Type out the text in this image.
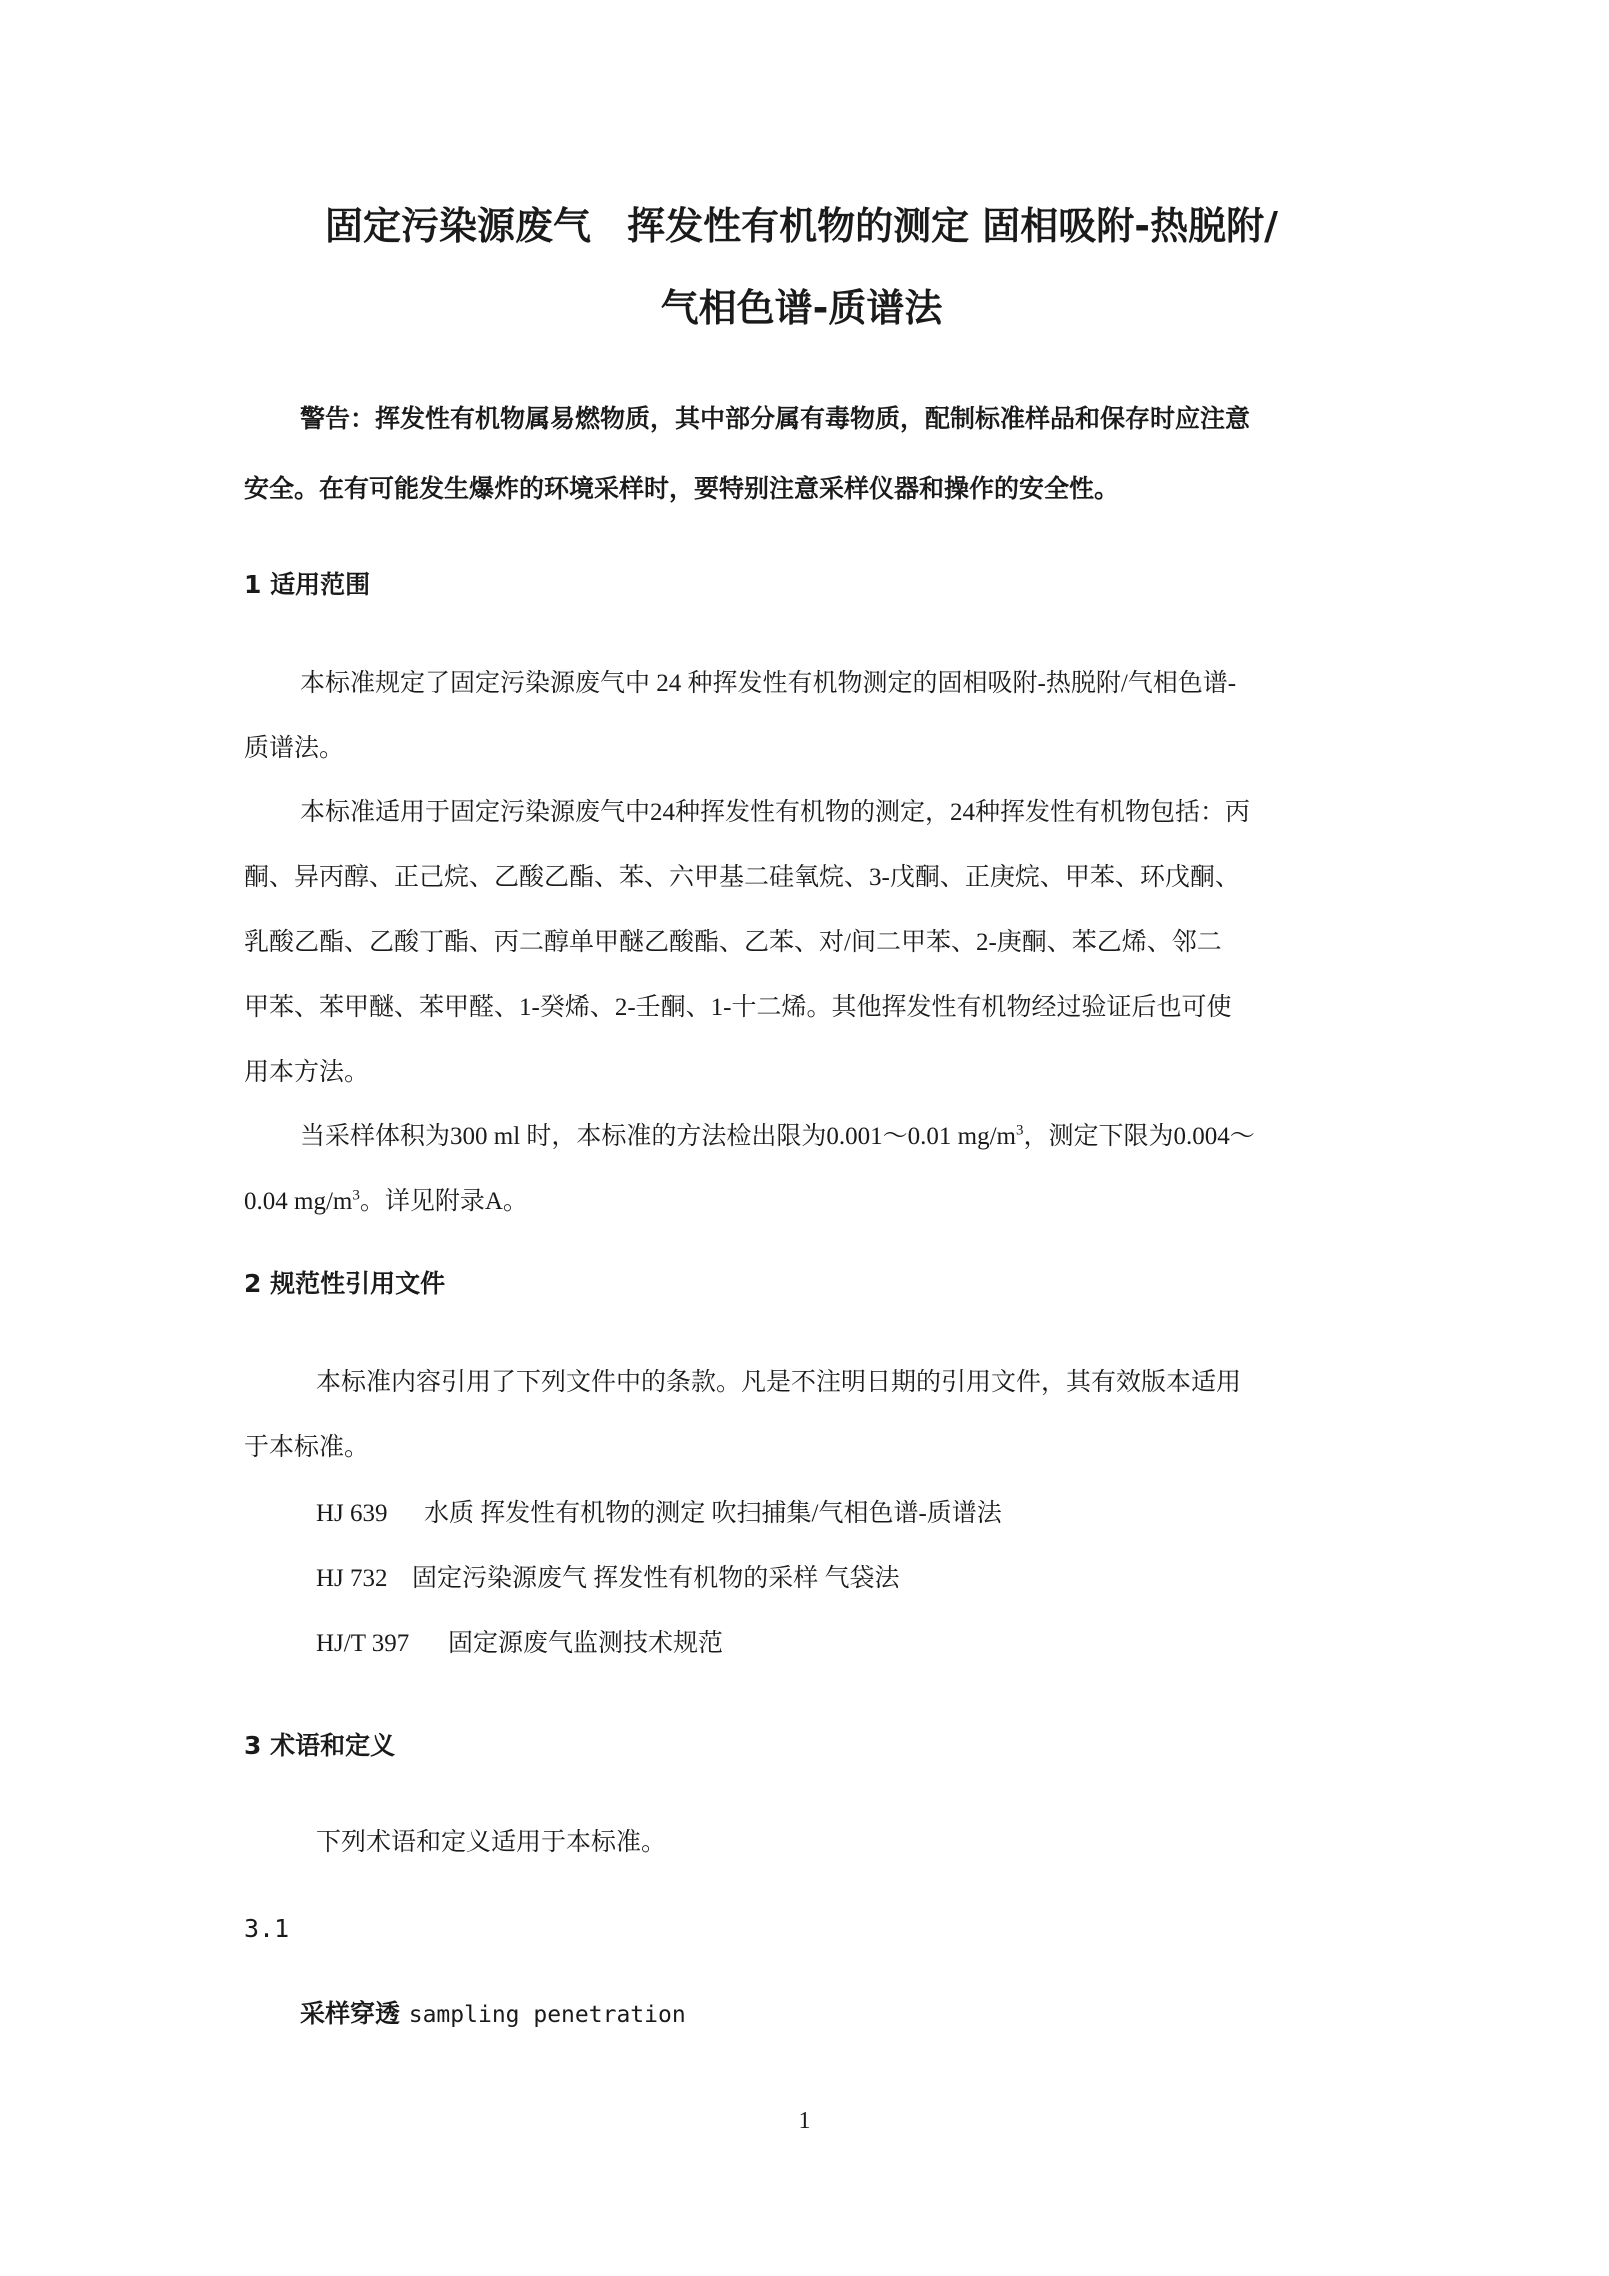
固定污染源废气 挥发性有机物的测定 固相吸附-热脱附/
气相色谱-质谱法

警告：挥发性有机物属易燃物质，其中部分属有毒物质，配制标准样品和保存时应注意
安全。在有可能发生爆炸的环境采样时，要特别注意采样仪器和操作的安全性。

1 适用范围

本标准规定了固定污染源废气中 24 种挥发性有机物测定的固相吸附-热脱附/气相色谱-
质谱法。

本标准适用于固定污染源废气中24种挥发性有机物的测定，24种挥发性有机物包括：丙
酮、异丙醇、正己烷、乙酸乙酯、苯、六甲基二硅氧烷、3-戊酮、正庚烷、甲苯、环戊酮、
乳酸乙酯、乙酸丁酯、丙二醇单甲醚乙酸酯、乙苯、对/间二甲苯、2-庚酮、苯乙烯、邻二
甲苯、苯甲醚、苯甲醛、1-癸烯、2-壬酮、1-十二烯。其他挥发性有机物经过验证后也可使
用本方法。

当采样体积为300 ml 时，本标准的方法检出限为0.001～0.01 $mg/m^3$，测定下限为0.004～
0.04 $mg/m^3$。详见附录A。

2 规范性引用文件

本标准内容引用了下列文件中的条款。凡是不注明日期的引用文件，其有效版本适用
于本标准。

HJ 639 水质 挥发性有机物的测定 吹扫捕集/气相色谱-质谱法

HJ 732 固定污染源废气 挥发性有机物的采样 气袋法

HJ/T 397 固定源废气监测技术规范

3 术语和定义

下列术语和定义适用于本标准。

3.1

采样穿透 sampling penetration

1
